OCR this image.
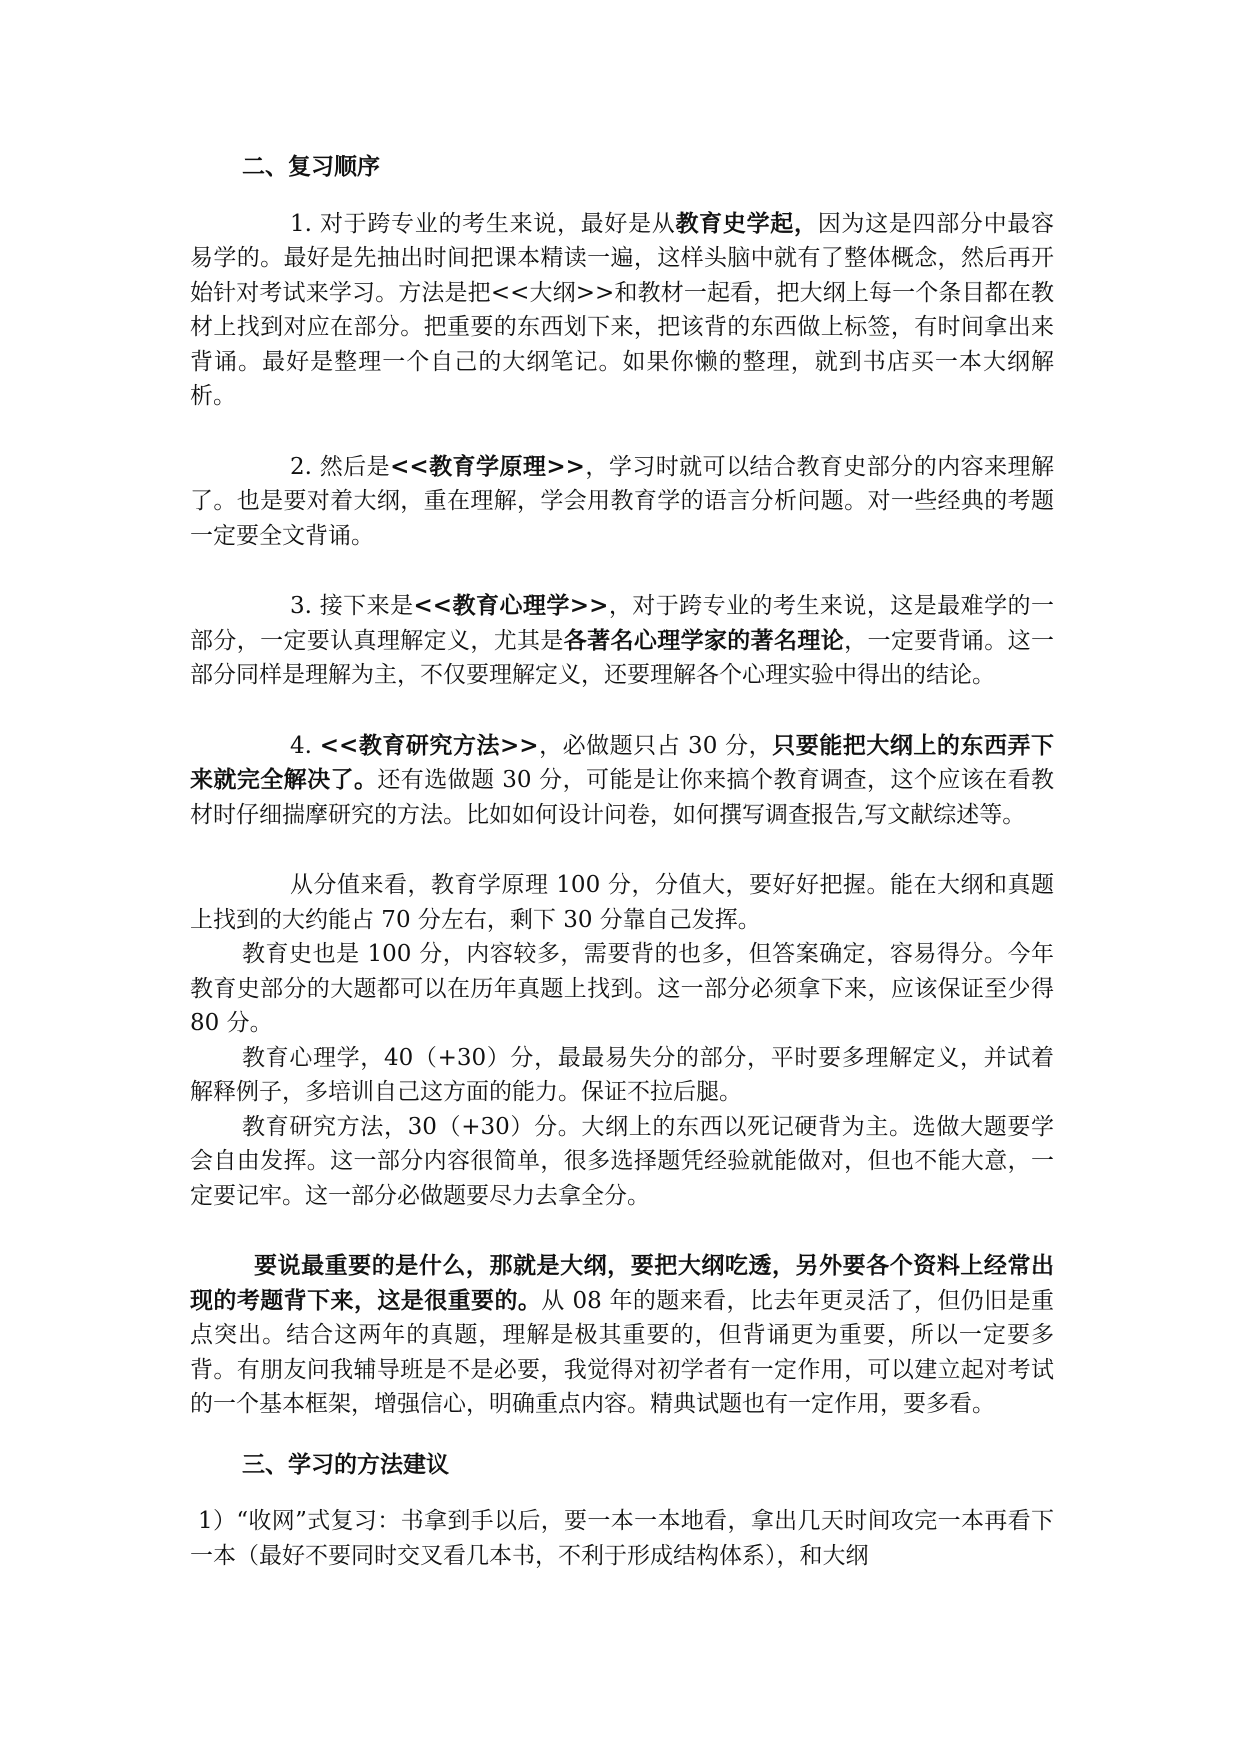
二、复习顺序

1. 对于跨专业的考生来说，最好是从教育史学起，因为这是四部分中最容易学的。最好是先抽出时间把课本精读一遍，这样头脑中就有了整体概念，然后再开始针对考试来学习。方法是把<<大纲>>和教材一起看，把大纲上每一个条目都在教材上找到对应在部分。把重要的东西划下来，把该背的东西做上标签，有时间拿出来背诵。最好是整理一个自己的大纲笔记。如果你懒的整理，就到书店买一本大纲解析。

2. 然后是<<教育学原理>>，学习时就可以结合教育史部分的内容来理解了。也是要对着大纲，重在理解，学会用教育学的语言分析问题。对一些经典的考题一定要全文背诵。

3. 接下来是<<教育心理学>>，对于跨专业的考生来说，这是最难学的一部分，一定要认真理解定义，尤其是各著名心理学家的著名理论，一定要背诵。这一部分同样是理解为主，不仅要理解定义，还要理解各个心理实验中得出的结论。

4. <<教育研究方法>>，必做题只占 30 分，只要能把大纲上的东西弄下来就完全解决了。还有选做题 30 分，可能是让你来搞个教育调查，这个应该在看教材时仔细揣摩研究的方法。比如如何设计问卷，如何撰写调查报告,写文献综述等。

从分值来看，教育学原理 100 分，分值大，要好好把握。能在大纲和真题上找到的大约能占 70 分左右，剩下 30 分靠自己发挥。

教育史也是 100 分，内容较多，需要背的也多，但答案确定，容易得分。今年教育史部分的大题都可以在历年真题上找到。这一部分必须拿下来，应该保证至少得 80 分。

教育心理学，40（+30）分，最最易失分的部分，平时要多理解定义，并试着解释例子，多培训自己这方面的能力。保证不拉后腿。

教育研究方法，30（+30）分。大纲上的东西以死记硬背为主。选做大题要学会自由发挥。这一部分内容很简单，很多选择题凭经验就能做对，但也不能大意，一定要记牢。这一部分必做题要尽力去拿全分。

要说最重要的是什么，那就是大纲，要把大纲吃透，另外要各个资料上经常出现的考题背下来，这是很重要的。从 08 年的题来看，比去年更灵活了，但仍旧是重点突出。结合这两年的真题，理解是极其重要的，但背诵更为重要，所以一定要多背。有朋友问我辅导班是不是必要，我觉得对初学者有一定作用，可以建立起对考试的一个基本框架，增强信心，明确重点内容。精典试题也有一定作用，要多看。

三、学习的方法建议

1）“收网”式复习：书拿到手以后，要一本一本地看，拿出几天时间攻完一本再看下一本（最好不要同时交叉看几本书，不利于形成结构体系），和大纲
